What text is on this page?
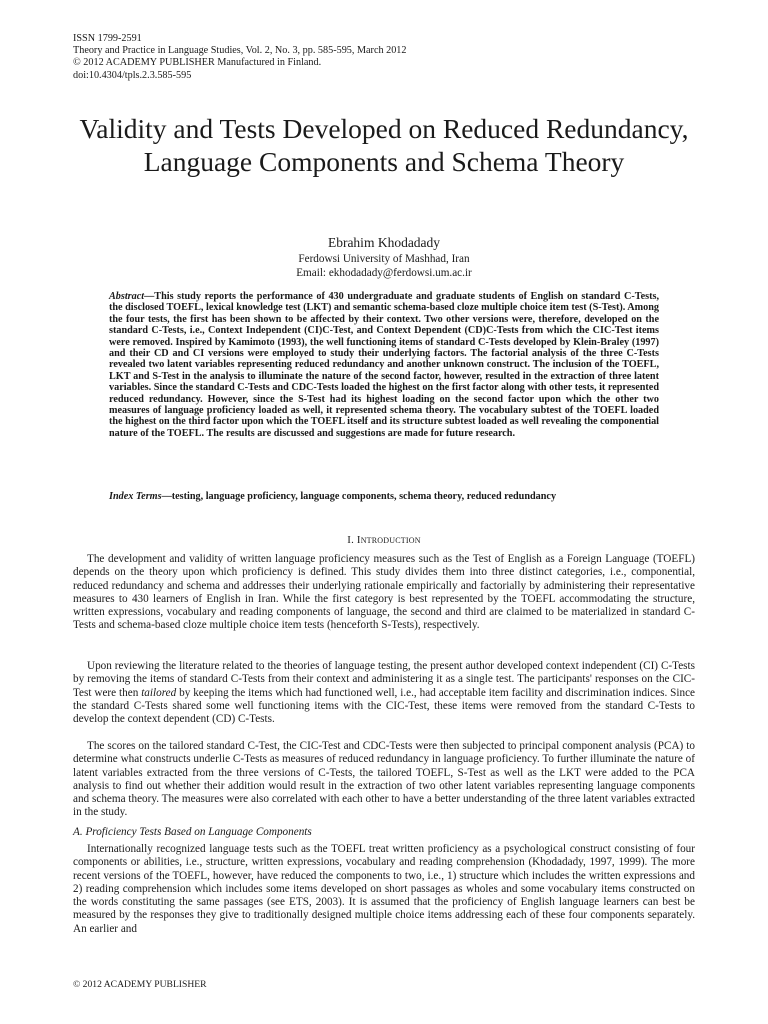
ISSN 1799-2591
Theory and Practice in Language Studies, Vol. 2, No. 3, pp. 585-595, March 2012
© 2012 ACADEMY PUBLISHER Manufactured in Finland.
doi:10.4304/tpls.2.3.585-595
Validity and Tests Developed on Reduced Redundancy, Language Components and Schema Theory
Ebrahim Khodadady
Ferdowsi University of Mashhad, Iran
Email: ekhodadady@ferdowsi.um.ac.ir
Abstract—This study reports the performance of 430 undergraduate and graduate students of English on standard C-Tests, the disclosed TOEFL, lexical knowledge test (LKT) and semantic schema-based cloze multiple choice item test (S-Test). Among the four tests, the first has been shown to be affected by their context. Two other versions were, therefore, developed on the standard C-Tests, i.e., Context Independent (CI)C-Test, and Context Dependent (CD)C-Tests from which the CIC-Test items were removed. Inspired by Kamimoto (1993), the well functioning items of standard C-Tests developed by Klein-Braley (1997) and their CD and CI versions were employed to study their underlying factors. The factorial analysis of the three C-Tests revealed two latent variables representing reduced redundancy and another unknown construct. The inclusion of the TOEFL, LKT and S-Test in the analysis to illuminate the nature of the second factor, however, resulted in the extraction of three latent variables. Since the standard C-Tests and CDC-Tests loaded the highest on the first factor along with other tests, it represented reduced redundancy. However, since the S-Test had its highest loading on the second factor upon which the other two measures of language proficiency loaded as well, it represented schema theory. The vocabulary subtest of the TOEFL loaded the highest on the third factor upon which the TOEFL itself and its structure subtest loaded as well revealing the componential nature of the TOEFL. The results are discussed and suggestions are made for future research.
Index Terms—testing, language proficiency, language components, schema theory, reduced redundancy
I. Introduction

The development and validity of written language proficiency measures such as the Test of English as a Foreign Language (TOEFL) depends on the theory upon which proficiency is defined. This study divides them into three distinct categories, i.e., componential, reduced redundancy and schema and addresses their underlying rationale empirically and factorially by administering their representative measures to 430 learners of English in Iran. While the first category is best represented by the TOEFL accommodating the structure, written expressions, vocabulary and reading components of language, the second and third are claimed to be materialized in standard C-Tests and schema-based cloze multiple choice item tests (henceforth S-Tests), respectively.

Upon reviewing the literature related to the theories of language testing, the present author developed context independent (CI) C-Tests by removing the items of standard C-Tests from their context and administering it as a single test. The participants' responses on the CIC-Test were then tailored by keeping the items which had functioned well, i.e., had acceptable item facility and discrimination indices. Since the standard C-Tests shared some well functioning items with the CIC-Test, these items were removed from the standard C-Tests to develop the context dependent (CD) C-Tests.

The scores on the tailored standard C-Test, the CIC-Test and CDC-Tests were then subjected to principal component analysis (PCA) to determine what constructs underlie C-Tests as measures of reduced redundancy in language proficiency. To further illuminate the nature of latent variables extracted from the three versions of C-Tests, the tailored TOEFL, S-Test as well as the LKT were added to the PCA analysis to find out whether their addition would result in the extraction of two other latent variables representing language components and schema theory. The measures were also correlated with each other to have a better understanding of the three latent variables extracted in the study.

A. Proficiency Tests Based on Language Components

Internationally recognized language tests such as the TOEFL treat written proficiency as a psychological construct consisting of four components or abilities, i.e., structure, written expressions, vocabulary and reading comprehension (Khodadady, 1997, 1999). The more recent versions of the TOEFL, however, have reduced the components to two, i.e., 1) structure which includes the written expressions and 2) reading comprehension which includes some items developed on short passages as wholes and some vocabulary items constructed on the words constituting the same passages (see ETS, 2003). It is assumed that the proficiency of English language learners can best be measured by the responses they give to traditionally designed multiple choice items addressing each of these four components separately. An earlier and

© 2012 ACADEMY PUBLISHER
